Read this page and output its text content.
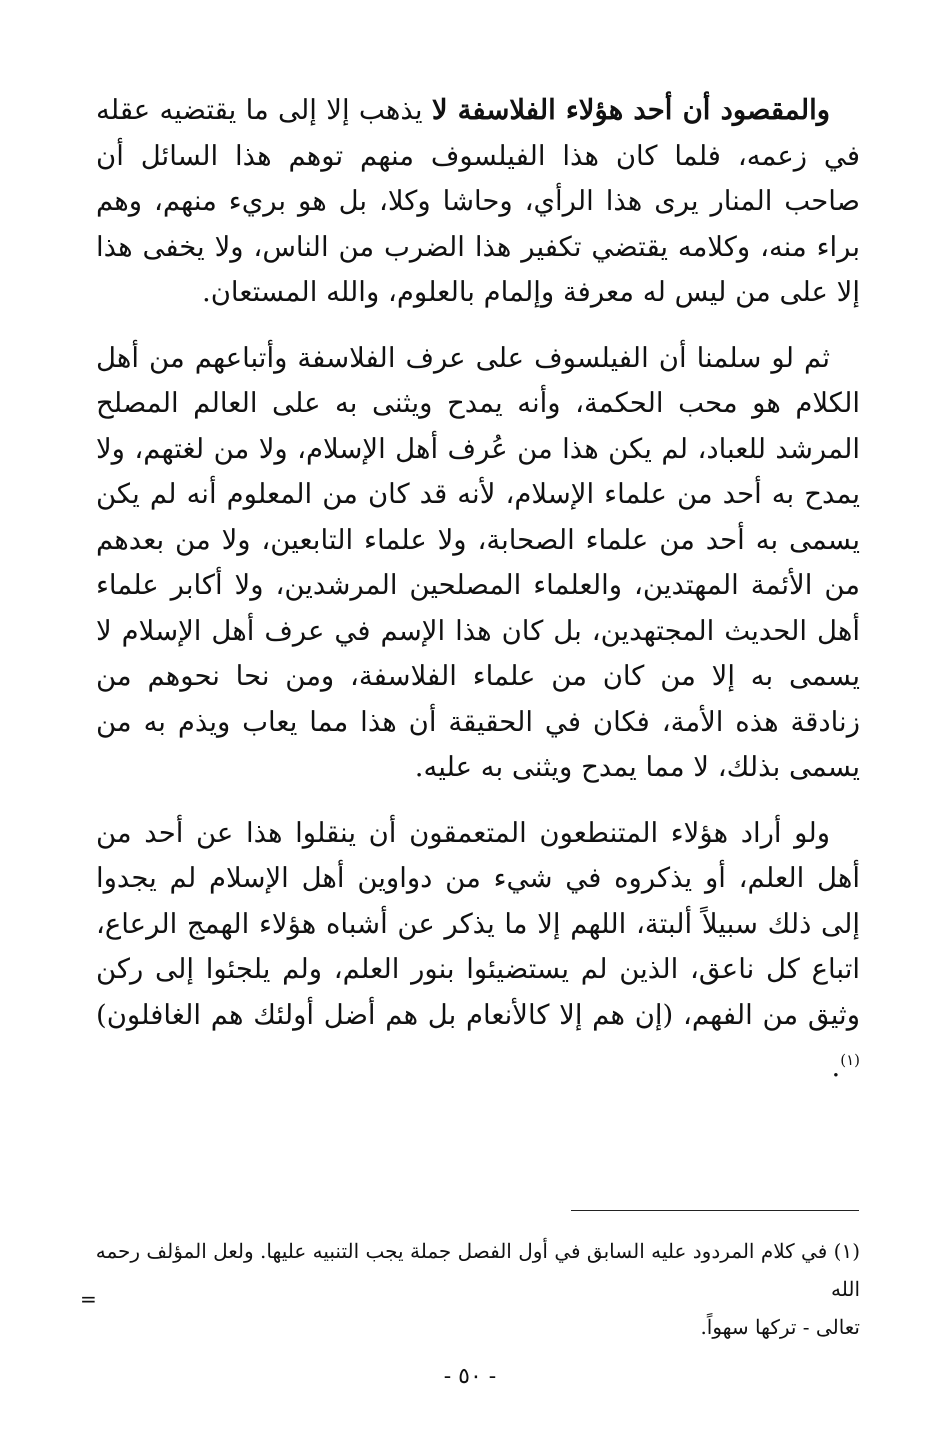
والمقصود أن أحد هؤلاء الفلاسفة لا يذهب إلا إلى ما يقتضيه عقله في زعمه، فلما كان هذا الفيلسوف منهم توهم هذا السائل أن صاحب المنار يرى هذا الرأي، وحاشا وكلا، بل هو بريء منهم، وهم براء منه، وكلامه يقتضي تكفير هذا الضرب من الناس، ولا يخفى هذا إلا على من ليس له معرفة وإلمام بالعلوم، والله المستعان.

ثم لو سلمنا أن الفيلسوف على عرف الفلاسفة وأتباعهم من أهل الكلام هو محب الحكمة، وأنه يمدح ويثنى به على العالم المصلح المرشد للعباد، لم يكن هذا من عُرف أهل الإسلام، ولا من لغتهم، ولا يمدح به أحد من علماء الإسلام، لأنه قد كان من المعلوم أنه لم يكن يسمى به أحد من علماء الصحابة، ولا علماء التابعين، ولا من بعدهم من الأئمة المهتدين، والعلماء المصلحين المرشدين، ولا أكابر علماء أهل الحديث المجتهدين، بل كان هذا الإسم في عرف أهل الإسلام لا يسمى به إلا من كان من علماء الفلاسفة، ومن نحا نحوهم من زنادقة هذه الأمة، فكان في الحقيقة أن هذا مما يعاب ويذم به من يسمى بذلك، لا مما يمدح ويثنى به عليه.

ولو أراد هؤلاء المتنطعون المتعمقون أن ينقلوا هذا عن أحد من أهل العلم، أو يذكروه في شيء من دواوين أهل الإسلام لم يجدوا إلى ذلك سبيلاً ألبتة، اللهم إلا ما يذكر عن أشباه هؤلاء الهمج الرعاع، اتباع كل ناعق، الذين لم يستضيئوا بنور العلم، ولم يلجئوا إلى ركن وثيق من الفهم، (إن هم إلا كالأنعام بل هم أضل أولئك هم الغافلون)$^{(١)}$.

(١) في كلام المردود عليه السابق في أول الفصل جملة يجب التنبيه عليها. ولعل المؤلف رحمه الله
تعالى - تركها سهواً.
=
- ٥٠ -
